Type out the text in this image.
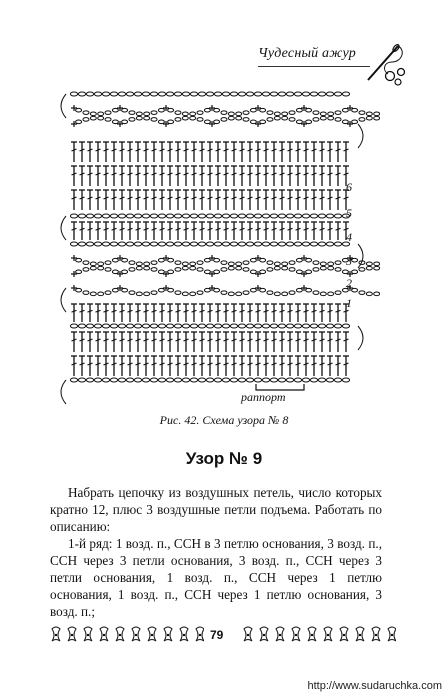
Чудесный ажур
6
5
4
3
2
1
раппорт
Рис. 42. Схема узора № 8
Узор № 9

Набрать цепочку из воздушных петель, число которых кратно 12, плюс 3 воздушные петли подъема. Работать по описанию:

1-й ряд: 1 возд. п., ССН в 3 петлю основания, 3 возд. п., ССН через 3 петли основания, 3 возд. п., ССН через 3 петли основания, 1 возд. п., ССН через 1 петлю основания, 1 возд. п., ССН через 1 петлю основания, 3 возд. п.;

79
http://www.sudaruchka.com
